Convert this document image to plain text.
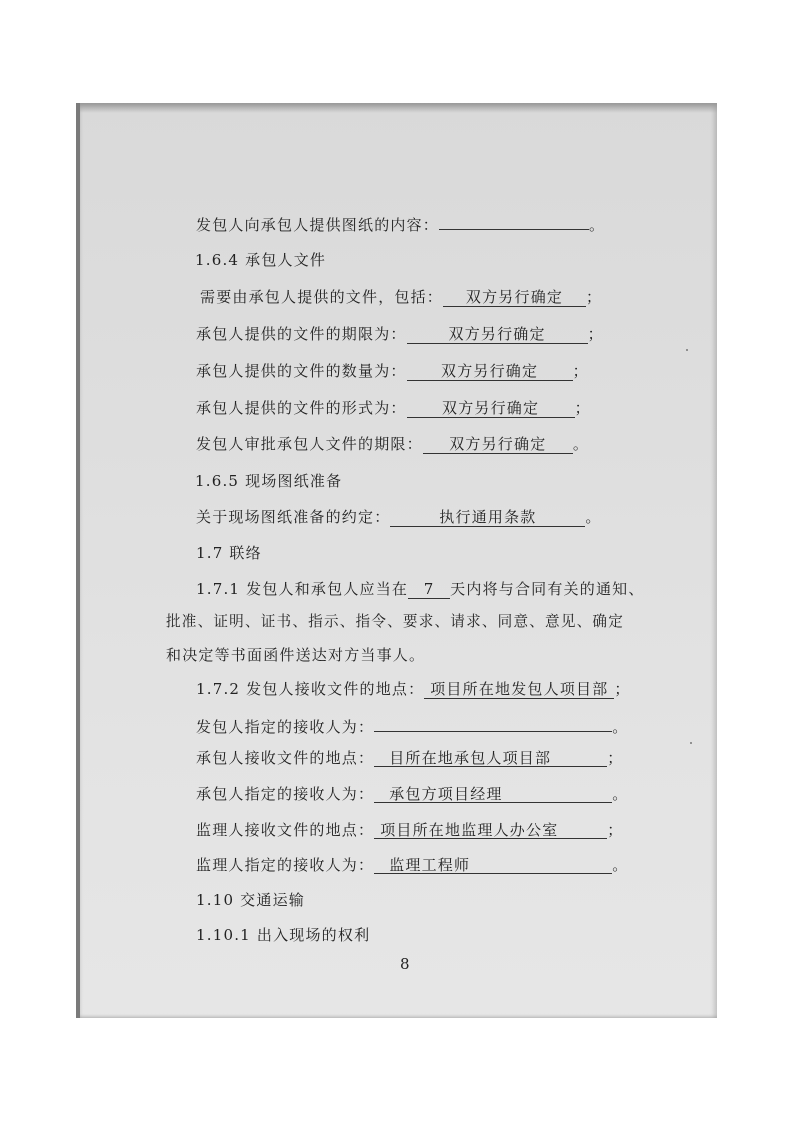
发包人向承包人提供图纸的内容：	。
1.6.4 承包人文件
需要由承包人提供的文件，包括： 双方另行确定 ；
承包人提供的文件的期限为：	双方另行确定	；
承包人提供的文件的数量为： 双方另行确定 ；
承包人提供的文件的形式为： 双方另行确定 ；
发包人审批承包人文件的期限： 双方另行确定 。
1.6.5 现场图纸准备
关于现场图纸准备的约定：	执行通用条款	。
1.7 联络
1.7.1 发包人和承包人应当在 7 天内将与合同有关的通知、
批准、证明、证书、指示、指令、要求、请求、同意、意见、确定
和决定等书面函件送达对方当事人。
1.7.2 发包人接收文件的地点： 项目所在地发包人项目部 ；
发包人指定的接收人为：	。
承包人接收文件的地点： 目所在地承包人项目部	；
承包人指定的接收人为： 承包方项目经理	。
监理人接收文件的地点： 项目所在地监理人办公室	；
监理人指定的接收人为： 监理工程师	。
1.10 交通运输
1.10.1 出入现场的权利
8
